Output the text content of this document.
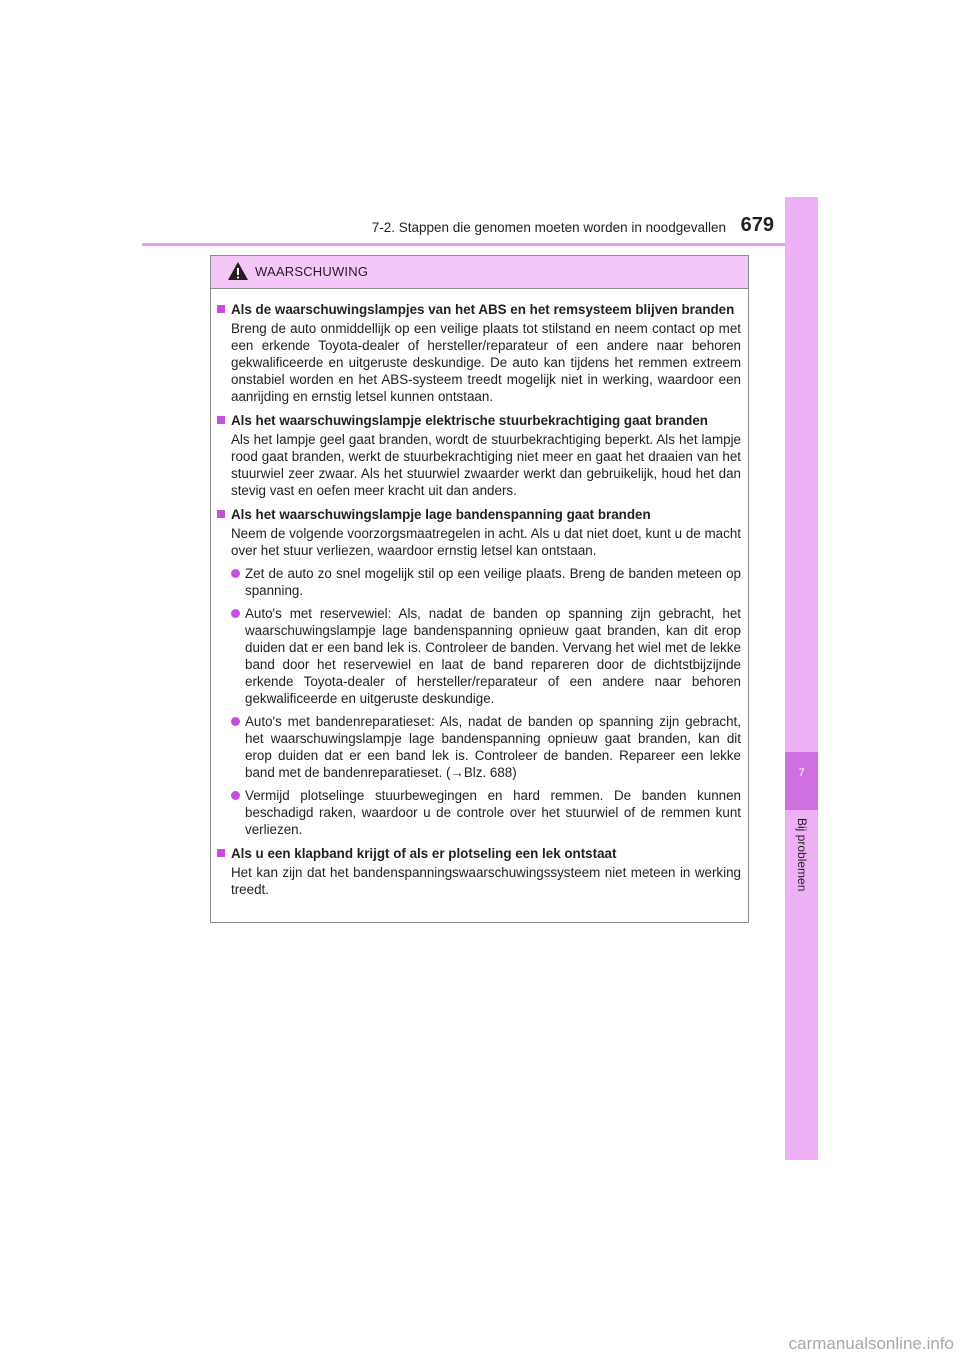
7-2. Stappen die genomen moeten worden in noodgevallen 679
7
Bij problemen
WAARSCHUWING
Als de waarschuwingslampjes van het ABS en het remsysteem blijven branden
Breng de auto onmiddellijk op een veilige plaats tot stilstand en neem contact op met een erkende Toyota-dealer of hersteller/reparateur of een andere naar behoren gekwalificeerde en uitgeruste deskundige. De auto kan tijdens het remmen extreem onstabiel worden en het ABS-systeem treedt mogelijk niet in werking, waardoor een aanrijding en ernstig letsel kunnen ontstaan.
Als het waarschuwingslampje elektrische stuurbekrachtiging gaat branden
Als het lampje geel gaat branden, wordt de stuurbekrachtiging beperkt. Als het lampje rood gaat branden, werkt de stuurbekrachtiging niet meer en gaat het draaien van het stuurwiel zeer zwaar. Als het stuurwiel zwaarder werkt dan gebruikelijk, houd het dan stevig vast en oefen meer kracht uit dan anders.
Als het waarschuwingslampje lage bandenspanning gaat branden
Neem de volgende voorzorgsmaatregelen in acht. Als u dat niet doet, kunt u de macht over het stuur verliezen, waardoor ernstig letsel kan ontstaan.
Zet de auto zo snel mogelijk stil op een veilige plaats. Breng de banden meteen op spanning.
Auto's met reservewiel: Als, nadat de banden op spanning zijn gebracht, het waarschuwingslampje lage bandenspanning opnieuw gaat branden, kan dit erop duiden dat er een band lek is. Controleer de banden. Vervang het wiel met de lekke band door het reservewiel en laat de band repareren door de dichtstbijzijnde erkende Toyota-dealer of hersteller/reparateur of een andere naar behoren gekwalificeerde en uitgeruste deskundige.
Auto's met bandenreparatieset: Als, nadat de banden op spanning zijn gebracht, het waarschuwingslampje lage bandenspanning opnieuw gaat branden, kan dit erop duiden dat er een band lek is. Controleer de banden. Repareer een lekke band met de bandenreparatieset. (→Blz. 688)
Vermijd plotselinge stuurbewegingen en hard remmen. De banden kunnen beschadigd raken, waardoor u de controle over het stuurwiel of de remmen kunt verliezen.
Als u een klapband krijgt of als er plotseling een lek ontstaat
Het kan zijn dat het bandenspanningswaarschuwingssysteem niet meteen in werking treedt.
carmanualsonline.info
